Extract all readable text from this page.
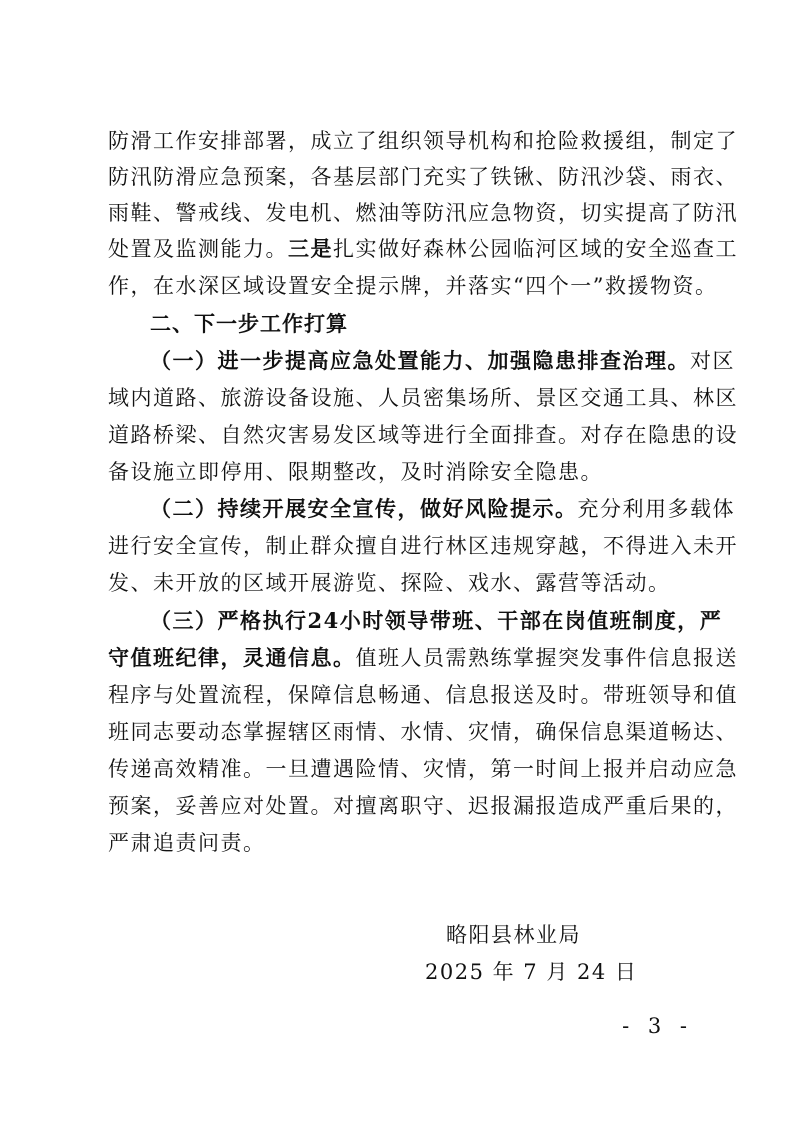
防滑工作安排部署，成立了组织领导机构和抢险救援组，制定了
防汛防滑应急预案，各基层部门充实了铁锹、防汛沙袋、雨衣、
雨鞋、警戒线、发电机、燃油等防汛应急物资，切实提高了防汛
处置及监测能力。三是扎实做好森林公园临河区域的安全巡查工
作，在水深区域设置安全提示牌，并落实“四个一”救援物资。
二、下一步工作打算
（一）进一步提高应急处置能力、加强隐患排查治理。对区
域内道路、旅游设备设施、人员密集场所、景区交通工具、林区
道路桥梁、自然灾害易发区域等进行全面排查。对存在隐患的设
备设施立即停用、限期整改，及时消除安全隐患。
（二）持续开展安全宣传，做好风险提示。充分利用多载体
进行安全宣传，制止群众擅自进行林区违规穿越，不得进入未开
发、未开放的区域开展游览、探险、戏水、露营等活动。
（三）严格执行24小时领导带班、干部在岗值班制度，严
守值班纪律，灵通信息。值班人员需熟练掌握突发事件信息报送
程序与处置流程，保障信息畅通、信息报送及时。带班领导和值
班同志要动态掌握辖区雨情、水情、灾情，确保信息渠道畅达、
传递高效精准。一旦遭遇险情、灾情，第一时间上报并启动应急
预案，妥善应对处置。对擅离职守、迟报漏报造成严重后果的，
严肃追责问责。
略阳县林业局
2025 年 7 月 24 日
- 3 -
